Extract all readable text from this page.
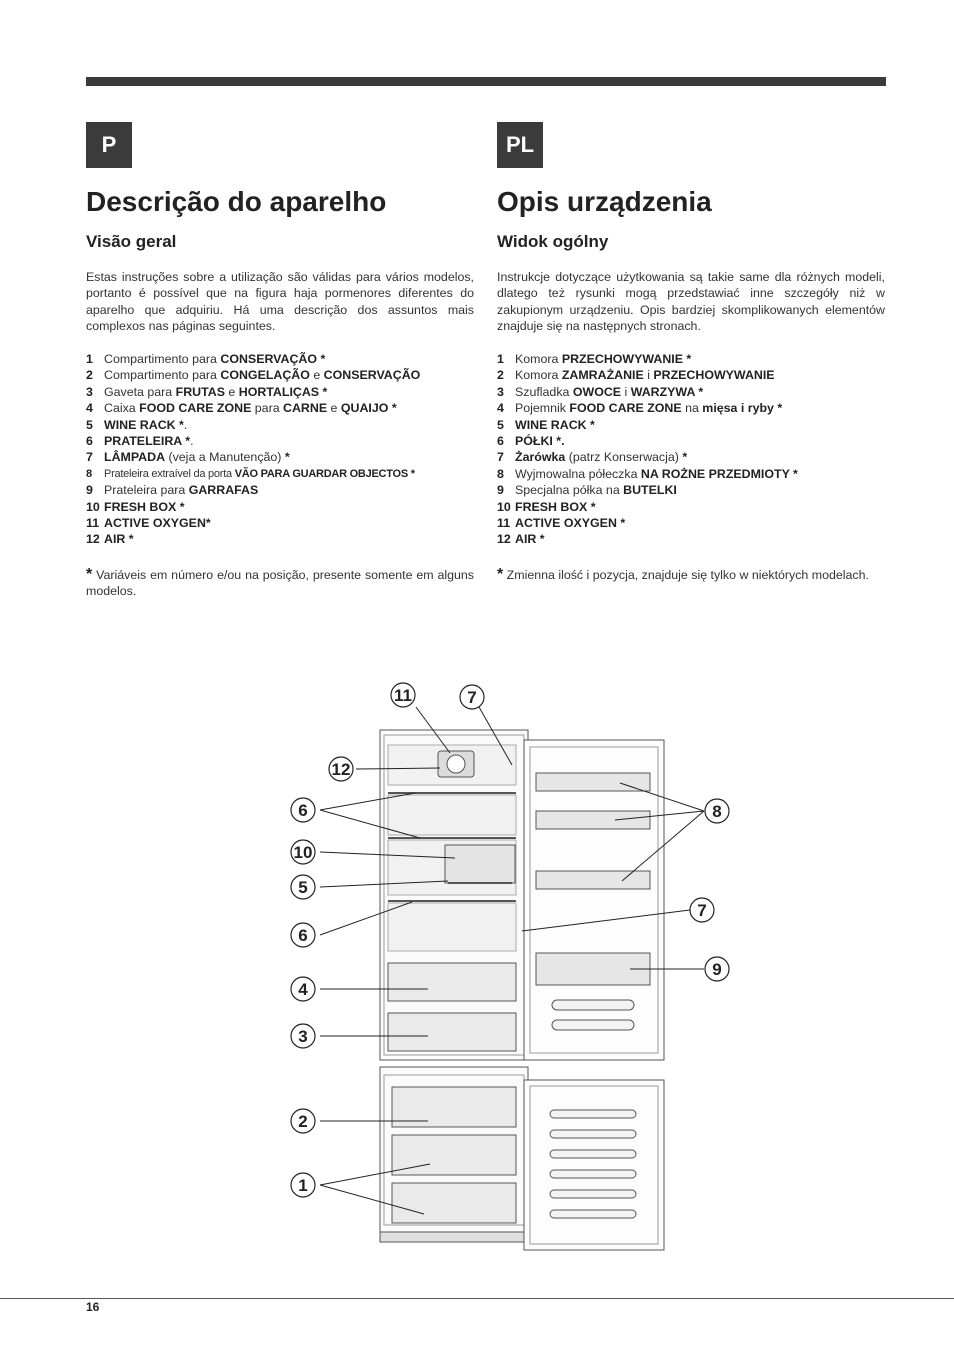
P
Descrição do aparelho
Visão geral

Estas instruções sobre a utilização são válidas para vários modelos, portanto é possível que na figura haja pormenores diferentes do aparelho que adquiriu. Há uma descrição dos assuntos mais complexos nas páginas seguintes.

1 Compartimento para CONSERVAÇÃO *
2 Compartimento para CONGELAÇÃO e CONSERVAÇÃO
3 Gaveta para FRUTAS e HORTALIÇAS *
4 Caixa FOOD CARE ZONE para CARNE e QUAIJO *
5 WINE RACK *.
6 PRATELEIRA *.
7 LÂMPADA (veja a Manutenção) *
8 Prateleira extraível da porta VÃO PARA GUARDAR OBJECTOS *
9 Prateleira para GARRAFAS
10 FRESH BOX *
11 ACTIVE OXYGEN*
12 AIR *

* Variáveis em número e/ou na posição, presente somente em alguns modelos.

PL
Opis urządzenia
Widok ogólny

Instrukcje dotyczące użytkowania są takie same dla różnych modeli, dlatego też rysunki mogą przedstawiać inne szczegóły niż w zakupionym urządzeniu. Opis bardziej skomplikowanych elementów znajduje się na następnych stronach.

1 Komora PRZECHOWYWANIE *
2 Komora ZAMRAŻANIE i PRZECHOWYWANIE
3 Szufladka OWOCE i WARZYWA *
4 Pojemnik FOOD CARE ZONE na mięsa i ryby *
5 WINE RACK *
6 PÓŁKI *.
7 Żarówka (patrz Konserwacja) *
8 Wyjmowalna półeczka NA ROŻNE PRZEDMIOTY *
9 Specjalna półka na BUTELKI
10 FRESH BOX *
11 ACTIVE OXYGEN *
12 AIR *

* Zmienna ilość i pozycja, znajduje się tylko w niektórych modelach.

11	7
12
6
10
5
6
4
3
2
1
8
7
9
16
